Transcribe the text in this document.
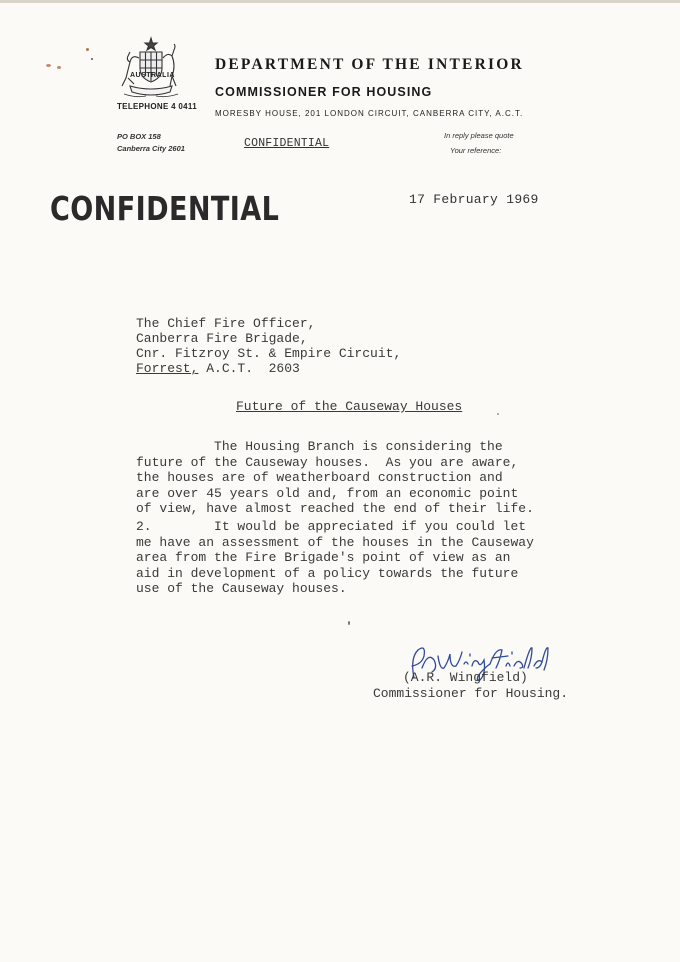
AUSTRALIA
TELEPHONE 4 0411
DEPARTMENT OF THE INTERIOR
COMMISSIONER FOR HOUSING
MORESBY HOUSE, 201 LONDON CIRCUIT, CANBERRA CITY, A.C.T.
PO BOX 158
Canberra City 2601	CONFIDENTIAL
In reply please quote
Your reference:
CONFIDENTIAL	17 February 1969
The Chief Fire Officer,
Canberra Fire Brigade,
Cnr. Fitzroy St. & Empire Circuit,
Forrest, A.C.T.  2603
Future of the Causeway Houses
The Housing Branch is considering the
future of the Causeway houses.  As you are aware,
the houses are of weatherboard construction and
are over 45 years old and, from an economic point
of view, have almost reached the end of their life.
2.        It would be appreciated if you could let
me have an assessment of the houses in the Causeway
area from the Fire Brigade's point of view as an
aid in development of a policy towards the future
use of the Causeway houses.
(A.R. Wingfield)
Commissioner for Housing.
